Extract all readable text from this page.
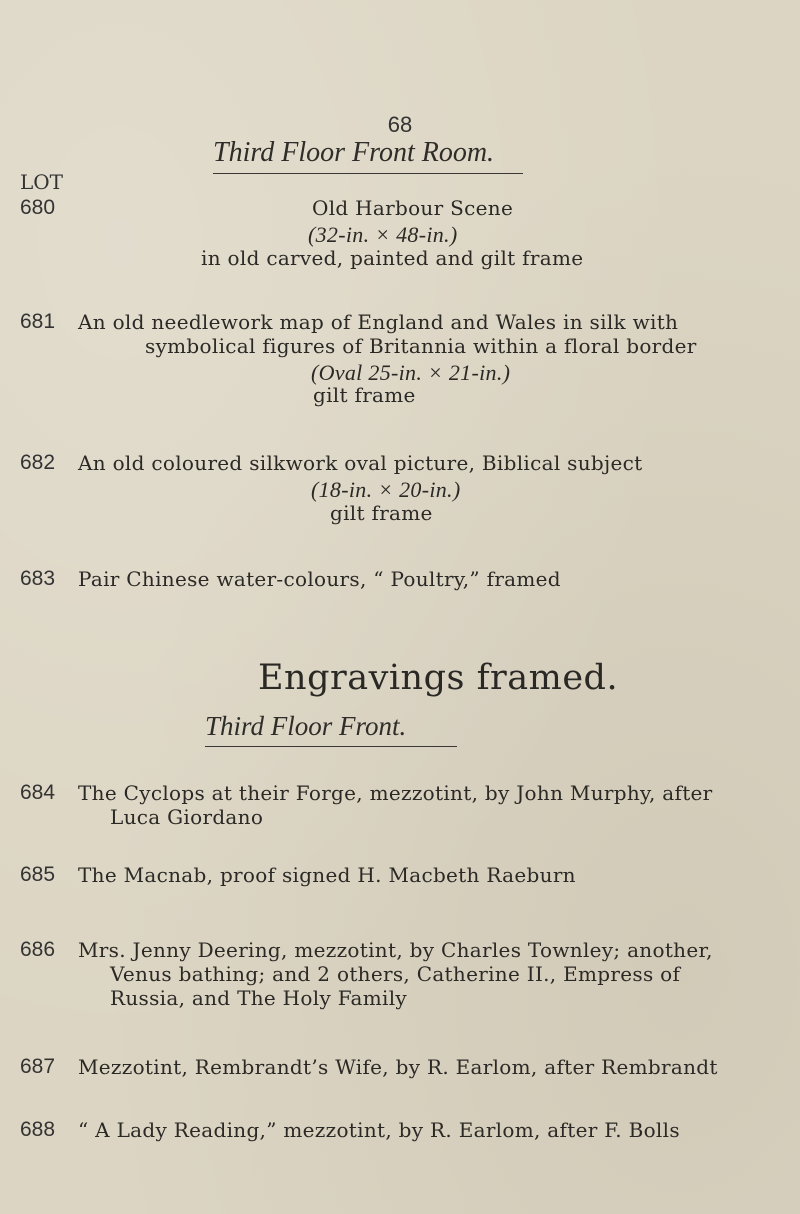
68
Third Floor Front Room.
LOT
680	Old Harbour Scene
(32-in. × 48-in.)
in old carved, painted and gilt frame
681 An old needlework map of England and Wales in silk with
symbolical figures of Britannia within a floral border
(Oval 25-in. × 21-in.)
gilt frame
682 An old coloured silkwork oval picture, Biblical subject
(18-in. × 20-in.)
gilt frame
683 Pair Chinese water-colours, “ Poultry,” framed
Engravings framed.
Third Floor Front.
684 The Cyclops at their Forge, mezzotint, by John Murphy, after
Luca Giordano
685 The Macnab, proof signed H. Macbeth Raeburn
686 Mrs. Jenny Deering, mezzotint, by Charles Townley; another,
Venus bathing; and 2 others, Catherine II., Empress of
Russia, and The Holy Family
687 Mezzotint, Rembrandt’s Wife, by R. Earlom, after Rembrandt
688 “ A Lady Reading,” mezzotint, by R. Earlom, after F. Bolls
